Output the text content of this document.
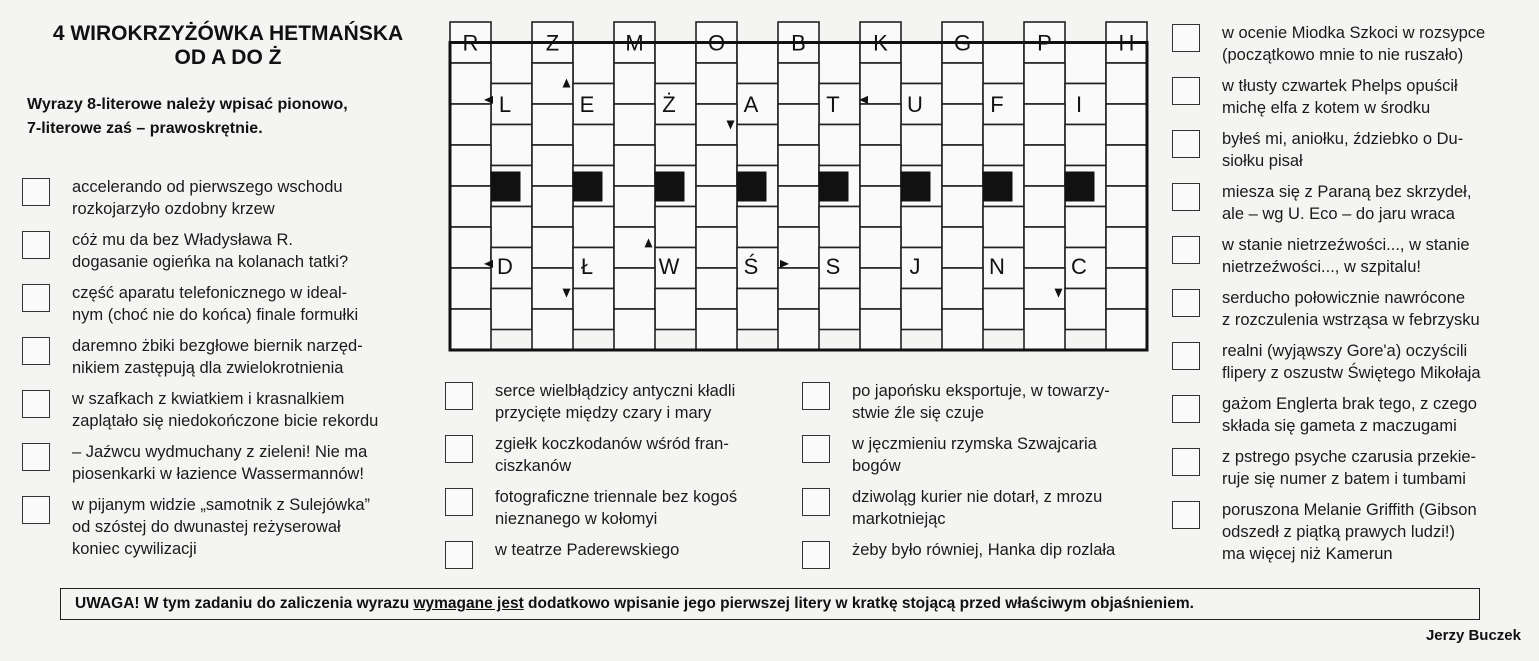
4 WIROKRZYŻÓWKA HETMAŃSKA
OD A DO Ż
Wyrazy 8-literowe należy wpisać pionowo,
7-literowe zaś – prawoskrętnie.
R	Z	M	O	B	K	G	P	H
L	E	Ż	A	T	U	F	I
D	Ł	W	Ś	S	J	N	C
accelerando od pierwszego wschodu
rozkojarzyło ozdobny krzew
cóż mu da bez Władysława R.
dogasanie ogieńka na kolanach tatki?
część aparatu telefonicznego w ideal-
nym (choć nie do końca) finale formułki
daremno żbiki bezgłowe biernik narzęd-
nikiem zastępują dla zwielokrotnienia
w szafkach z kwiatkiem i krasnalkiem
zaplątało się niedokończone bicie rekordu
– Jaźwcu wydmuchany z zieleni! Nie ma
piosenkarki w łazience Wassermannów!
w pijanym widzie „samotnik z Sulejówka”
od szóstej do dwunastej reżyserował
koniec cywilizacji
serce wielbłądzicy antyczni kładli
przycięte między czary i mary
zgiełk koczkodanów wśród fran-
ciszkanów
fotograficzne triennale bez kogoś
nieznanego w kołomyi
w teatrze Paderewskiego
po japońsku eksportuje, w towarzy-
stwie źle się czuje
w jęczmieniu rzymska Szwajcaria
bogów
dziwoląg kurier nie dotarł, z mrozu
markotniejąc
żeby było równiej, Hanka dip rozlała
w ocenie Miodka Szkoci w rozsypce
(początkowo mnie to nie ruszało)
w tłusty czwartek Phelps opuścił
michę elfa z kotem w środku
byłeś mi, aniołku, ździebko o Du-
siołku pisał
miesza się z Paraną bez skrzydeł,
ale – wg U. Eco – do jaru wraca
w stanie nietrzeźwości..., w stanie
nietrzeźwości..., w szpitalu!
serducho połowicznie nawrócone
z rozczulenia wstrząsa w febrzysku
realni (wyjąwszy Gore'a) oczyścili
flipery z oszustw Świętego Mikołaja
gażom Englerta brak tego, z czego
składa się gameta z maczugami
z pstrego psyche czarusia przekie-
ruje się numer z batem i tumbami
poruszona Melanie Griffith (Gibson
odszedł z piątką prawych ludzi!)
ma więcej niż Kamerun
UWAGA! W tym zadaniu do zaliczenia wyrazu wymagane jest dodatkowo wpisanie jego pierwszej litery w kratkę stojącą przed właściwym objaśnieniem.
Jerzy Buczek
